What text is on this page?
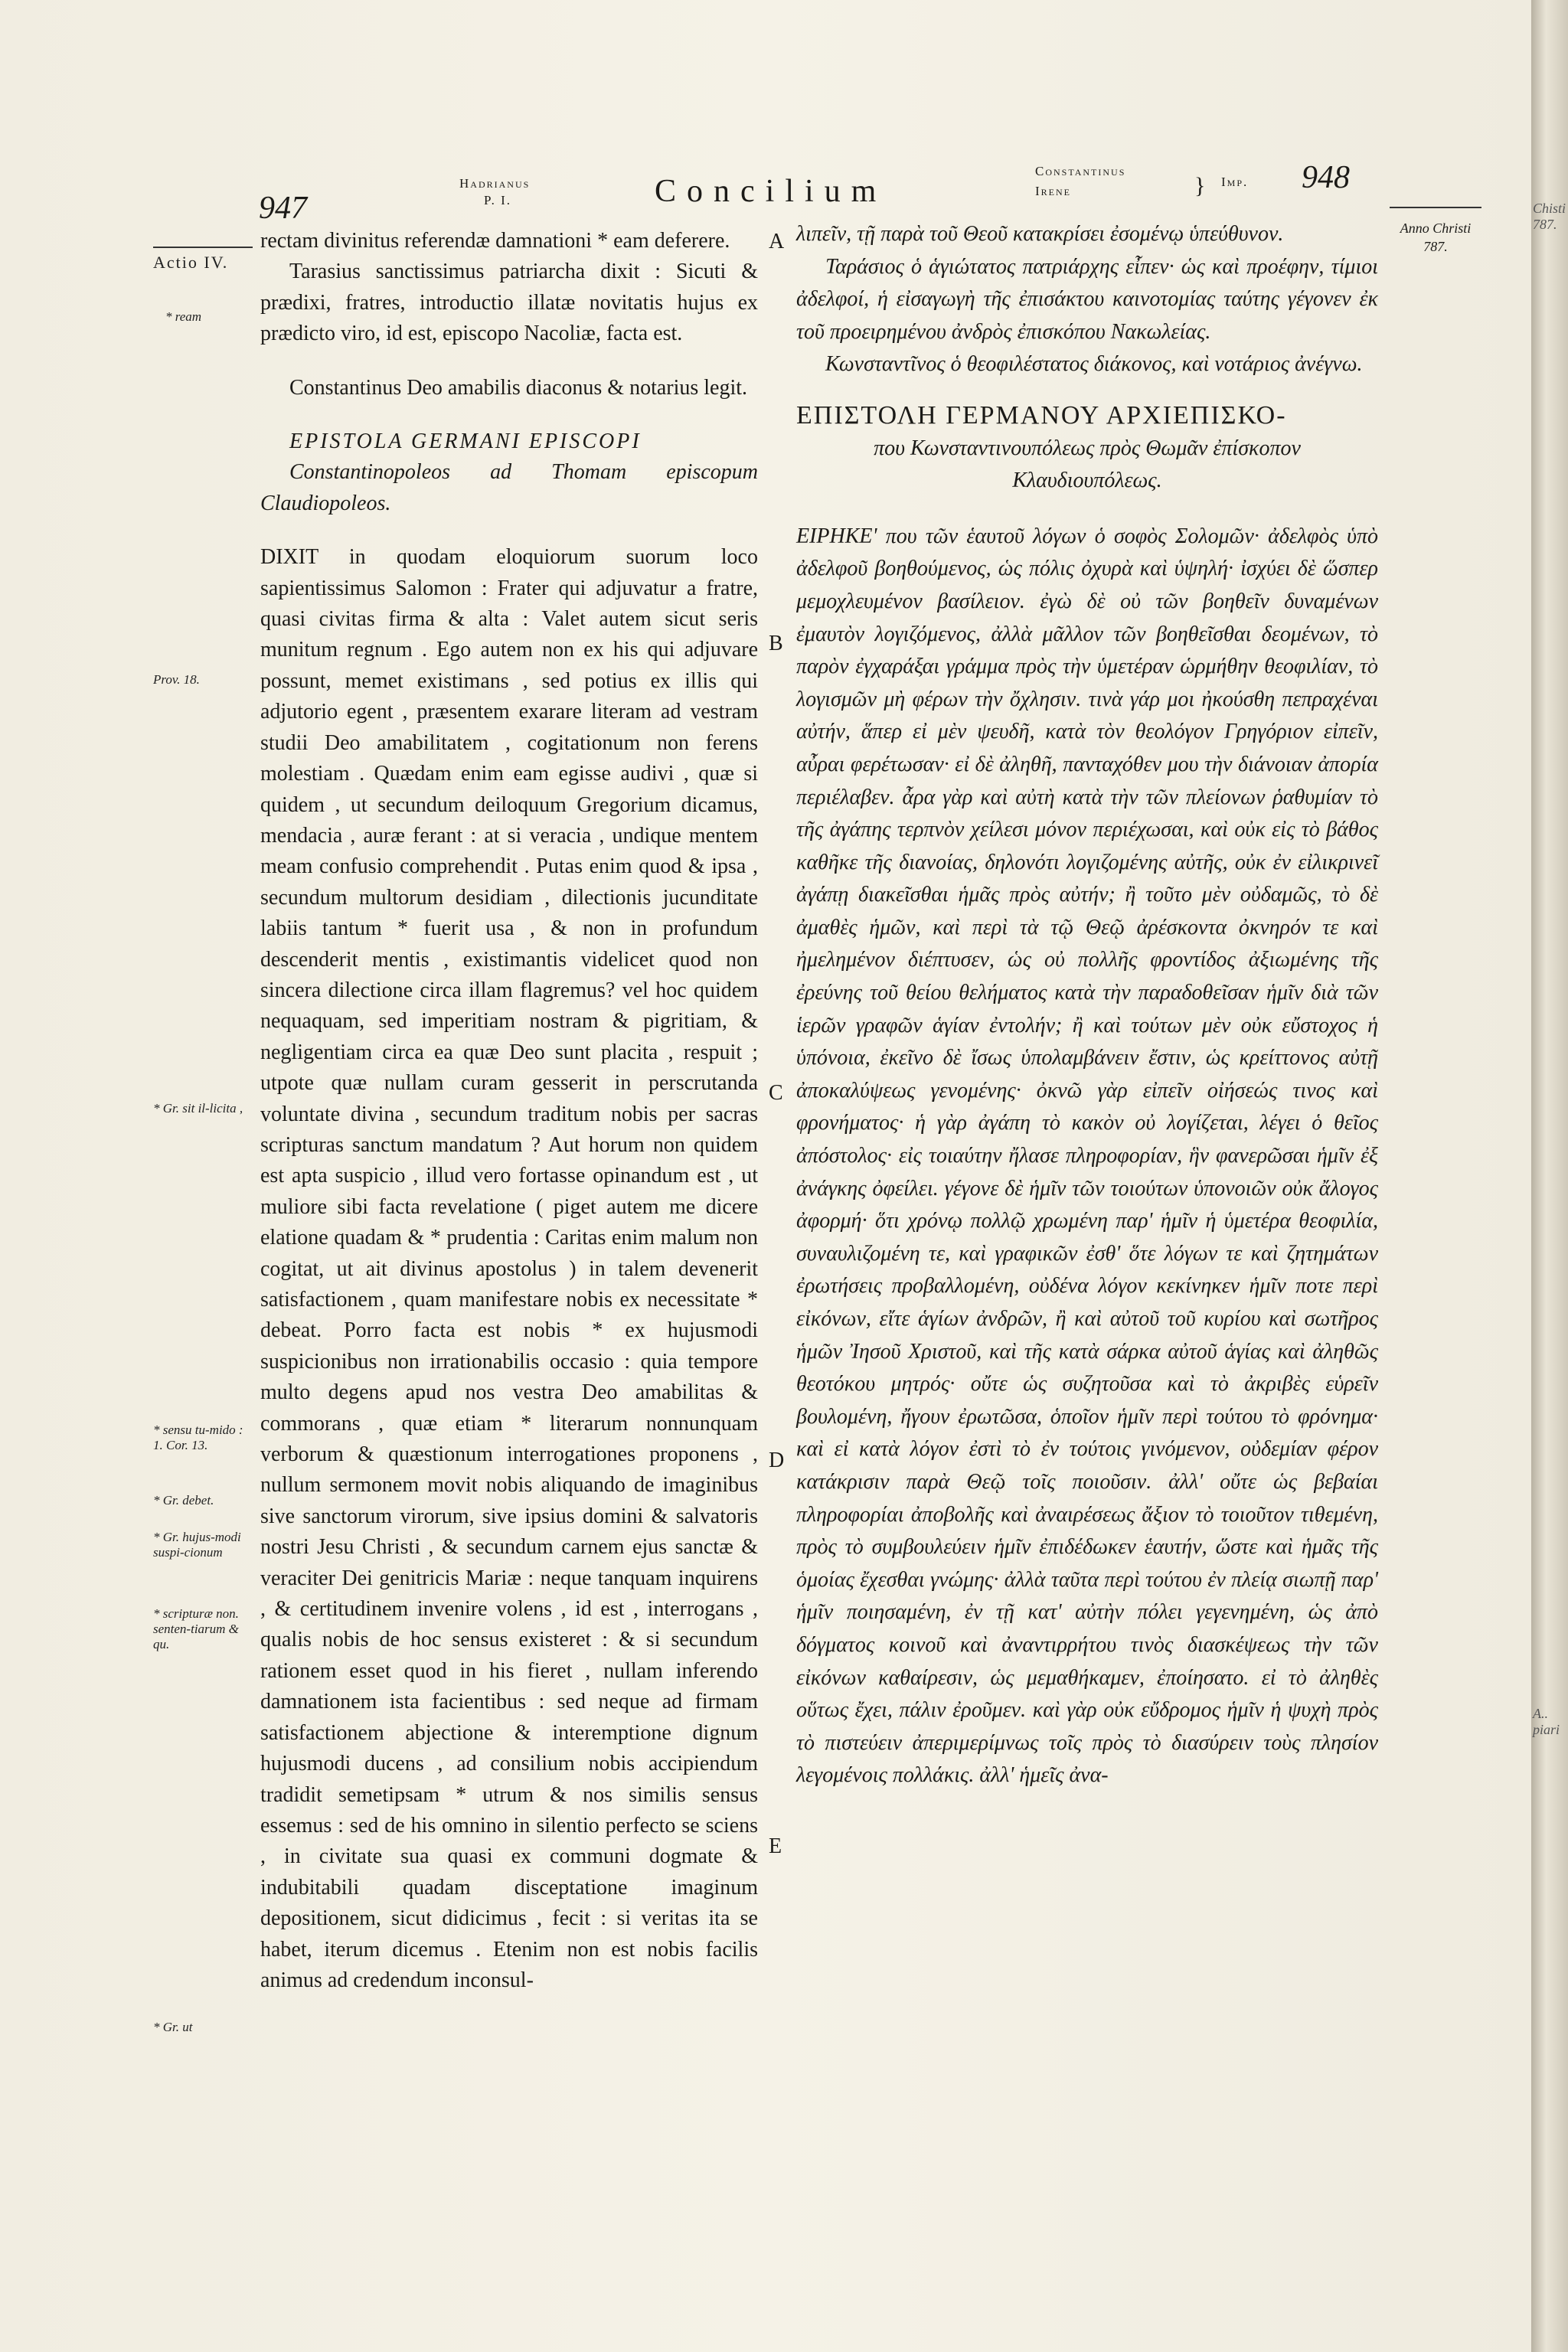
947
Hadrianus
P. I.	Concilium
Constantinus
Irene	} Imp. 948
Anno Christi
787.
Actio IV.
* ream
Prov. 18.
* Gr. sit il-licita ,
* sensu tu-mido : 1. Cor. 13.
* Gr. debet.
* Gr. hujus-modi suspi-cionum
* scripturæ non. senten-tiarum & qu.
* Gr. ut
A
B
C
D
E

rectam divinitus referendæ damnationi * eam deferere.

Tarasius sanctissimus patriarcha dixit : Sicuti & prædixi, fratres, introductio illatæ novitatis hujus ex prædicto viro, id est, episcopo Nacoliæ, facta est.

Constantinus Deo amabilis diaconus & notarius legit.

EPISTOLA GERMANI EPISCOPI

Constantinopoleos ad Thomam episcopum Claudiopoleos.

DIXIT in quodam eloquiorum suorum loco sapientissimus Salomon : Frater qui adjuvatur a fratre, quasi civitas firma & alta : Valet autem sicut seris munitum regnum . Ego autem non ex his qui adjuvare possunt, memet existimans , sed potius ex illis qui adjutorio egent , præsentem exarare literam ad vestram studii Deo amabilitatem , cogitationum non ferens molestiam . Quædam enim eam egisse audivi , quæ si quidem , ut secundum deiloquum Gregorium dicamus, mendacia , auræ ferant : at si veracia , undique mentem meam confusio comprehendit . Putas enim quod & ipsa , secundum multorum desidiam , dilectionis jucunditate labiis tantum * fuerit usa , & non in profundum descenderit mentis , existimantis videlicet quod non sincera dilectione circa illam flagremus? vel hoc quidem nequaquam, sed imperitiam nostram & pigritiam, & negligentiam circa ea quæ Deo sunt placita , respuit ; utpote quæ nullam curam gesserit in perscrutanda voluntate divina , secundum traditum nobis per sacras scripturas sanctum mandatum ? Aut horum non quidem est apta suspicio , illud vero fortasse opinandum est , ut muliore sibi facta revelatione ( piget autem me dicere elatione quadam & * prudentia : Caritas enim malum non cogitat, ut ait divinus apostolus ) in talem devenerit satisfactionem , quam manifestare nobis ex necessitate * debeat. Porro facta est nobis * ex hujusmodi suspicionibus non irrationabilis occasio : quia tempore multo degens apud nos vestra Deo amabilitas & commorans , quæ etiam * literarum nonnunquam verborum & quæstionum interrogationes proponens , nullum sermonem movit nobis aliquando de imaginibus sive sanctorum virorum, sive ipsius domini & salvatoris nostri Jesu Christi , & secundum carnem ejus sanctæ & veraciter Dei genitricis Mariæ : neque tanquam inquirens , & certitudinem invenire volens , id est , interrogans , qualis nobis de hoc sensus existeret : & si secundum rationem esset quod in his fieret , nullam inferendo damnationem ista facientibus : sed neque ad firmam satisfactionem abjectione & interemptione dignum hujusmodi ducens , ad consilium nobis accipiendum tradidit semetipsam * utrum & nos similis sensus essemus : sed de his omnino in silentio perfecto se sciens , in civitate sua quasi ex communi dogmate & indubitabili quadam disceptatione imaginum depositionem, sicut didicimus , fecit : si veritas ita se habet, iterum dicemus . Etenim non est nobis facilis animus ad credendum inconsul-

λιπεῖν, τῇ παρὰ τοῦ Θεοῦ κατακρίσει ἐσομένῳ ὑπεύθυνον.

Ταράσιος ὁ ἁγιώτατος πατριάρχης εἶπεν· ὡς καὶ προέφην, τίμιοι ἀδελφοί, ἡ εἰσαγωγὴ τῆς ἐπισάκτου καινοτομίας ταύτης γέγονεν ἐκ τοῦ προειρημένου ἀνδρὸς ἐπισκόπου Νακωλείας.

Κωνσταντῖνος ὁ θεοφιλέστατος διάκονος, καὶ νοτάριος ἀνέγνω.

ΕΠΙΣΤΟΛΗ ΓΕΡΜΑΝΟΥ ΑΡΧΙΕΠΙΣΚΟ-

που Κωνσταντινουπόλεως πρὸς Θωμᾶν ἐπίσκοπον Κλαυδιουπόλεως.

ΕΙΡΗΚΕ' που τῶν ἑαυτοῦ λόγων ὁ σοφὸς Σολομῶν· ἀδελφὸς ὑπὸ ἀδελφοῦ βοηθούμενος, ὡς πόλις ὀχυρὰ καὶ ὑψηλή· ἰσχύει δὲ ὥσπερ μεμοχλευμένον βασίλειον. ἐγὼ δὲ οὐ τῶν βοηθεῖν δυναμένων ἐμαυτὸν λογιζόμενος, ἀλλὰ μᾶλλον τῶν βοηθεῖσθαι δεομένων, τὸ παρὸν ἐγχαράξαι γράμμα πρὸς τὴν ὑμετέραν ὡρμήθην θεοφιλίαν, τὸ λογισμῶν μὴ φέρων τὴν ὄχλησιν. τινὰ γάρ μοι ἠκούσθη πεπραχέναι αὐτήν, ἅπερ εἰ μὲν ψευδῆ, κατὰ τὸν θεολόγον Γρηγόριον εἰπεῖν, αὖραι φερέτωσαν· εἰ δὲ ἀληθῆ, πανταχόθεν μου τὴν διάνοιαν ἀπορία περιέλαβεν. ἆρα γὰρ καὶ αὐτὴ κατὰ τὴν τῶν πλείονων ῥαθυμίαν τὸ τῆς ἀγάπης τερπνὸν χείλεσι μόνον περιέχωσαι, καὶ οὐκ εἰς τὸ βάθος καθῆκε τῆς διανοίας, δηλονότι λογιζομένης αὐτῆς, οὐκ ἐν εἰλικρινεῖ ἀγάπῃ διακεῖσθαι ἡμᾶς πρὸς αὐτήν; ἢ τοῦτο μὲν οὐδαμῶς, τὸ δὲ ἀμαθὲς ἡμῶν, καὶ περὶ τὰ τῷ Θεῷ ἀρέσκοντα ὀκνηρόν τε καὶ ἠμελημένον διέπτυσεν, ὡς οὐ πολλῆς φροντίδος ἀξιωμένης τῆς ἐρεύνης τοῦ θείου θελήματος κατὰ τὴν παραδοθεῖσαν ἡμῖν διὰ τῶν ἱερῶν γραφῶν ἁγίαν ἐντολήν; ἢ καὶ τούτων μὲν οὐκ εὔστοχος ἡ ὑπόνοια, ἐκεῖνο δὲ ἴσως ὑπολαμβάνειν ἔστιν, ὡς κρείττονος αὐτῇ ἀποκαλύψεως γενομένης· ὀκνῶ γὰρ εἰπεῖν οἰήσεώς τινος καὶ φρονήματος· ἡ γὰρ ἀγάπη τὸ κακὸν οὐ λογίζεται, λέγει ὁ θεῖος ἀπόστολος· εἰς τοιαύτην ἤλασε πληροφορίαν, ἣν φανερῶσαι ἡμῖν ἐξ ἀνάγκης ὀφείλει. γέγονε δὲ ἡμῖν τῶν τοιούτων ὑπονοιῶν οὐκ ἄλογος ἀφορμή· ὅτι χρόνῳ πολλῷ χρωμένη παρ' ἡμῖν ἡ ὑμετέρα θεοφιλία, συναυλιζομένη τε, καὶ γραφικῶν ἐσθ' ὅτε λόγων τε καὶ ζητημάτων ἐρωτήσεις προβαλλομένη, οὐδένα λόγον κεκίνηκεν ἡμῖν ποτε περὶ εἰκόνων, εἴτε ἁγίων ἀνδρῶν, ἢ καὶ αὐτοῦ τοῦ κυρίου καὶ σωτῆρος ἡμῶν Ἰησοῦ Χριστοῦ, καὶ τῆς κατὰ σάρκα αὐτοῦ ἁγίας καὶ ἀληθῶς θεοτόκου μητρός· οὔτε ὡς συζητοῦσα καὶ τὸ ἀκριβὲς εὑρεῖν βουλομένη, ἤγουν ἐρωτῶσα, ὁποῖον ἡμῖν περὶ τούτου τὸ φρόνημα· καὶ εἰ κατὰ λόγον ἐστὶ τὸ ἐν τούτοις γινόμενον, οὐδεμίαν φέρον κατάκρισιν παρὰ Θεῷ τοῖς ποιοῦσιν. ἀλλ' οὔτε ὡς βεβαίαι πληροφορίαι ἀποβολῆς καὶ ἀναιρέσεως ἄξιον τὸ τοιοῦτον τιθεμένη, πρὸς τὸ συμβουλεύειν ἡμῖν ἐπιδέδωκεν ἑαυτήν, ὥστε καὶ ἡμᾶς τῆς ὁμοίας ἔχεσθαι γνώμης· ἀλλὰ ταῦτα περὶ τούτου ἐν πλείᾳ σιωπῇ παρ' ἡμῖν ποιησαμένη, ἐν τῇ κατ' αὐτὴν πόλει γεγενημένη, ὡς ἀπὸ δόγματος κοινοῦ καὶ ἀναντιρρήτου τινὸς διασκέψεως τὴν τῶν εἰκόνων καθαίρεσιν, ὡς μεμαθήκαμεν, ἐποίησατο. εἰ τὸ ἀληθὲς οὕτως ἔχει, πάλιν ἐροῦμεν. καὶ γὰρ οὐκ εὔδρομος ἡμῖν ἡ ψυχὴ πρὸς τὸ πιστεύειν ἀπεριμερίμνως τοῖς πρὸς τὸ διασύρειν τοὺς πλησίον λεγομένοις πολλάκις. ἀλλ' ἡμεῖς ἀνα-

Chisti 787.
A.. piari
